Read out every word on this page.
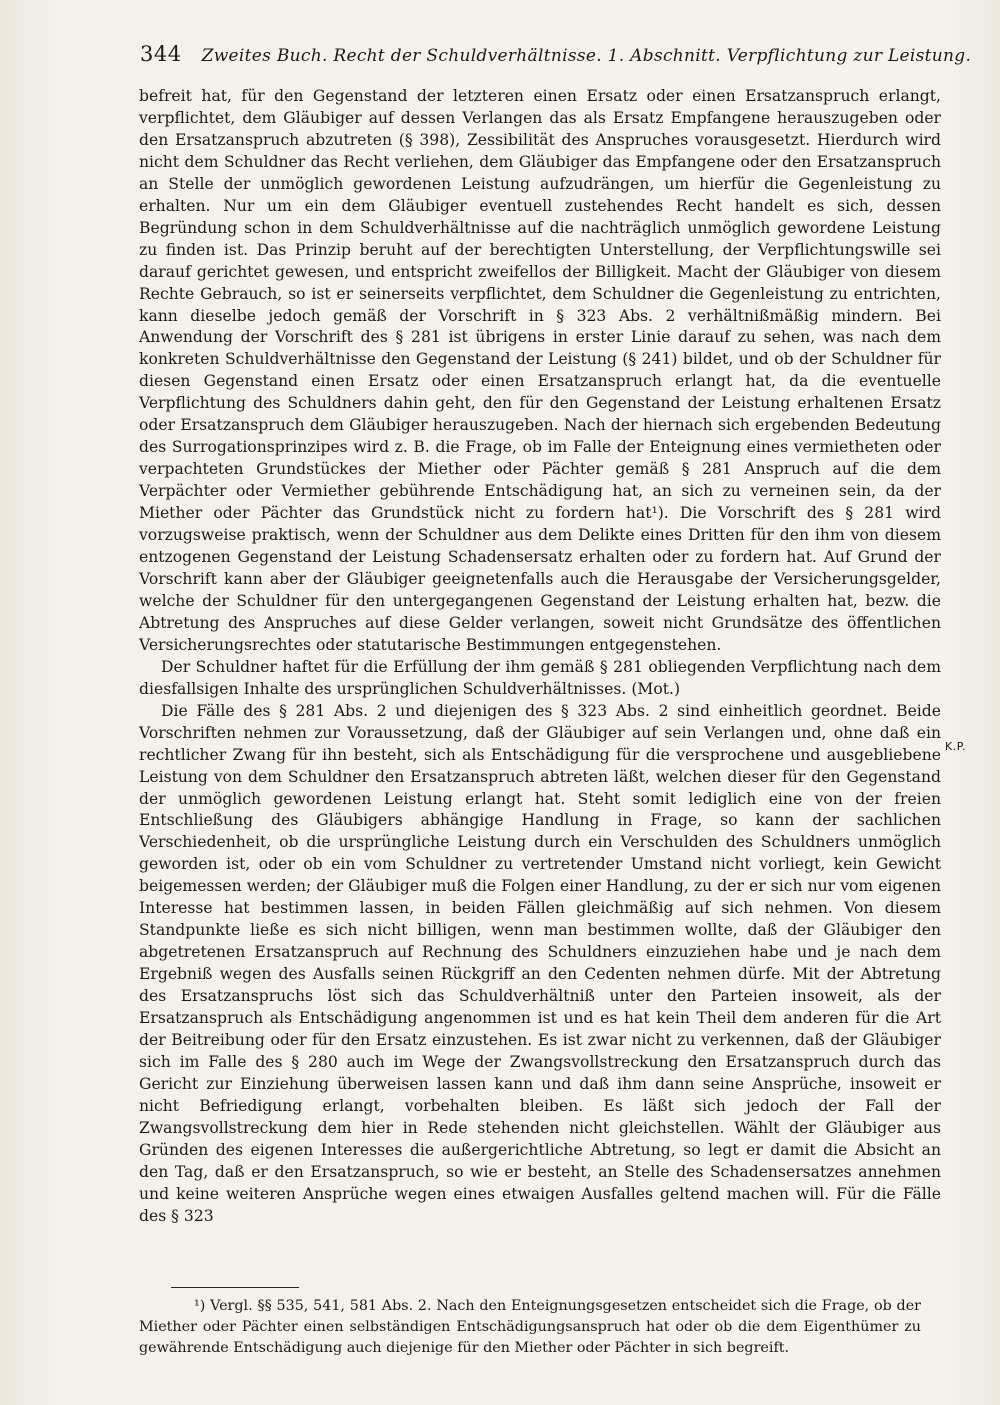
344 Zweites Buch. Recht der Schuldverhältnisse. 1. Abschnitt. Verpflichtung zur Leistung.

befreit hat, für den Gegenstand der letzteren einen Ersatz oder einen Ersatzanspruch erlangt, verpflichtet, dem Gläubiger auf dessen Verlangen das als Ersatz Empfangene herauszugeben oder den Ersatzanspruch abzutreten (§ 398), Zessibilität des Anspruches vorausgesetzt. Hierdurch wird nicht dem Schuldner das Recht verliehen, dem Gläubiger das Empfangene oder den Ersatzanspruch an Stelle der unmöglich gewordenen Leistung aufzudrängen, um hierfür die Gegenleistung zu erhalten. Nur um ein dem Gläubiger eventuell zustehendes Recht handelt es sich, dessen Begründung schon in dem Schuldverhältnisse auf die nachträglich unmöglich gewordene Leistung zu finden ist. Das Prinzip beruht auf der berechtigten Unterstellung, der Verpflichtungswille sei darauf gerichtet gewesen, und entspricht zweifellos der Billigkeit. Macht der Gläubiger von diesem Rechte Gebrauch, so ist er seinerseits verpflichtet, dem Schuldner die Gegenleistung zu entrichten, kann dieselbe jedoch gemäß der Vorschrift in § 323 Abs. 2 verhältnißmäßig mindern. Bei Anwendung der Vorschrift des § 281 ist übrigens in erster Linie darauf zu sehen, was nach dem konkreten Schuldverhältnisse den Gegenstand der Leistung (§ 241) bildet, und ob der Schuldner für diesen Gegenstand einen Ersatz oder einen Ersatzanspruch erlangt hat, da die eventuelle Verpflichtung des Schuldners dahin geht, den für den Gegenstand der Leistung erhaltenen Ersatz oder Ersatzanspruch dem Gläubiger herauszugeben. Nach der hiernach sich ergebenden Bedeutung des Surrogationsprinzipes wird z. B. die Frage, ob im Falle der Enteignung eines vermietheten oder verpachteten Grundstückes der Miether oder Pächter gemäß § 281 Anspruch auf die dem Verpächter oder Vermiether gebührende Entschädigung hat, an sich zu verneinen sein, da der Miether oder Pächter das Grundstück nicht zu fordern hat¹). Die Vorschrift des § 281 wird vorzugsweise praktisch, wenn der Schuldner aus dem Delikte eines Dritten für den ihm von diesem entzogenen Gegenstand der Leistung Schadensersatz erhalten oder zu fordern hat. Auf Grund der Vorschrift kann aber der Gläubiger geeignetenfalls auch die Herausgabe der Versicherungsgelder, welche der Schuldner für den untergegangenen Gegenstand der Leistung erhalten hat, bezw. die Abtretung des Anspruches auf diese Gelder verlangen, soweit nicht Grundsätze des öffentlichen Versicherungsrechtes oder statutarische Bestimmungen entgegenstehen.

Der Schuldner haftet für die Erfüllung der ihm gemäß § 281 obliegenden Verpflichtung nach dem diesfallsigen Inhalte des ursprünglichen Schuldverhältnisses. (Mot.)

Die Fälle des § 281 Abs. 2 und diejenigen des § 323 Abs. 2 sind einheitlich geordnet. Beide Vorschriften nehmen zur Voraussetzung, daß der Gläubiger auf sein Verlangen und, ohne daß ein rechtlicher Zwang für ihn besteht, sich als Entschädigung für die versprochene und ausgebliebene Leistung von dem Schuldner den Ersatzanspruch abtreten läßt, welchen dieser für den Gegenstand der unmöglich gewordenen Leistung erlangt hat. Steht somit lediglich eine von der freien Entschließung des Gläubigers abhängige Handlung in Frage, so kann der sachlichen Verschiedenheit, ob die ursprüngliche Leistung durch ein Verschulden des Schuldners unmöglich geworden ist, oder ob ein vom Schuldner zu vertretender Umstand nicht vorliegt, kein Gewicht beigemessen werden; der Gläubiger muß die Folgen einer Handlung, zu der er sich nur vom eigenen Interesse hat bestimmen lassen, in beiden Fällen gleichmäßig auf sich nehmen. Von diesem Standpunkte ließe es sich nicht billigen, wenn man bestimmen wollte, daß der Gläubiger den abgetretenen Ersatzanspruch auf Rechnung des Schuldners einzuziehen habe und je nach dem Ergebniß wegen des Ausfalls seinen Rückgriff an den Cedenten nehmen dürfe. Mit der Abtretung des Ersatzanspruchs löst sich das Schuldverhältniß unter den Parteien insoweit, als der Ersatzanspruch als Entschädigung angenommen ist und es hat kein Theil dem anderen für die Art der Beitreibung oder für den Ersatz einzustehen. Es ist zwar nicht zu verkennen, daß der Gläubiger sich im Falle des § 280 auch im Wege der Zwangsvollstreckung den Ersatzanspruch durch das Gericht zur Einziehung überweisen lassen kann und daß ihm dann seine Ansprüche, insoweit er nicht Befriedigung erlangt, vorbehalten bleiben. Es läßt sich jedoch der Fall der Zwangsvollstreckung dem hier in Rede stehenden nicht gleichstellen. Wählt der Gläubiger aus Gründen des eigenen Interesses die außergerichtliche Abtretung, so legt er damit die Absicht an den Tag, daß er den Ersatzanspruch, so wie er besteht, an Stelle des Schadensersatzes annehmen und keine weiteren Ansprüche wegen eines etwaigen Ausfalles geltend machen will. Für die Fälle des § 323

K.P.
¹) Vergl. §§ 535, 541, 581 Abs. 2. Nach den Enteignungsgesetzen entscheidet sich die Frage, ob der Miether oder Pächter einen selbständigen Entschädigungsanspruch hat oder ob die dem Eigenthümer zu gewährende Entschädigung auch diejenige für den Miether oder Pächter in sich begreift.
